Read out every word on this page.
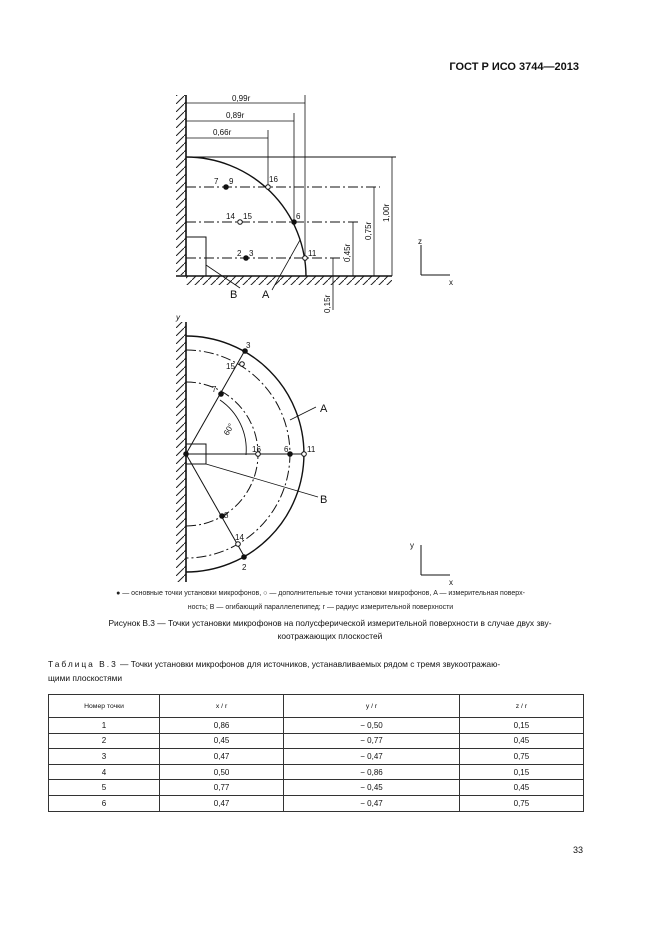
ГОСТ Р ИСО 3744—2013
0,99r
0,89r
0,66r
7 9	16
14 15	6
2 3	11
B A
z
x
1,00r
0,75r
0,45r
0,15r
y
3
15
7
16	6 11
8
14
2
60°
A
B
y
x
● — основные точки установки микрофонов, ○ — дополнительные точки установки микрофонов, A — измерительная поверх-
ность; B — огибающий параллелепипед; r — радиус измерительной поверхности
Рисунок В.3 — Точки установки микрофонов на полусферической измерительной поверхности в случае двух зву-
коотражающих плоскостей
Таблица В.3 — Точки установки микрофонов для источников, устанавливаемых рядом с тремя звукоотражаю-
щими плоскостями
Номер точки	x / r	y / r	z / r
1	0,86	− 0,50	0,15
2	0,45	− 0,77	0,45
3	0,47	− 0,47	0,75
4	0,50	− 0,86	0,15
5	0,77	− 0,45	0,45
6	0,47	− 0,47	0,75
33
